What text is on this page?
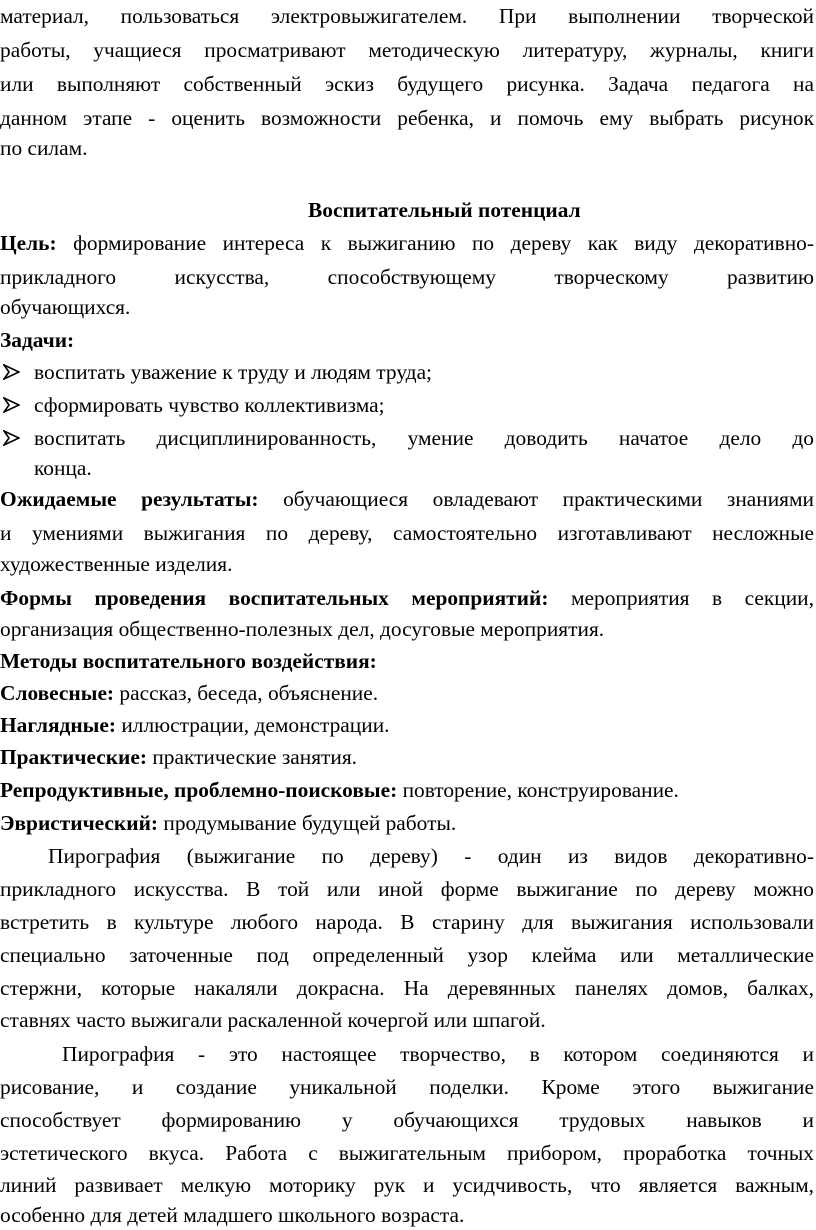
материал, пользоваться электровыжигателем. При выполнении творческой
работы, учащиеся просматривают методическую литературу, журналы, книги
или выполняют собственный эскиз будущего рисунка. Задача педагога на
данном этапе - оценить возможности ребенка, и помочь ему выбрать рисунок
по силам.
Воспитательный потенциал
Цель: формирование интереса к выжиганию по дереву как виду декоративно-
прикладного искусства, способствующему творческому развитию
обучающихся.
Задачи:
воспитать уважение к труду и людям труда;
сформировать чувство коллективизма;
воспитать дисциплинированность, умение доводить начатое дело до
конца.
Ожидаемые результаты: обучающиеся овладевают практическими знаниями
и умениями выжигания по дереву, самостоятельно изготавливают несложные
художественные изделия.
Формы проведения воспитательных мероприятий: мероприятия в секции,
организация общественно-полезных дел, досуговые мероприятия.
Методы воспитательного воздействия:
Словесные: рассказ, беседа, объяснение.
Наглядные: иллюстрации, демонстрации.
Практические: практические занятия.
Репродуктивные, проблемно-поисковые: повторение, конструирование.
Эвристический: продумывание будущей работы.
Пирография (выжигание по дереву) - один из видов декоративно-
прикладного искусства. В той или иной форме выжигание по дереву можно
встретить в культуре любого народа. В старину для выжигания использовали
специально заточенные под определенный узор клейма или металлические
стержни, которые накаляли докрасна. На деревянных панелях домов, балках,
ставнях часто выжигали раскаленной кочергой или шпагой.
Пирография - это настоящее творчество, в котором соединяются и
рисование, и создание уникальной поделки. Кроме этого выжигание
способствует формированию у обучающихся трудовых навыков и
эстетического вкуса. Работа с выжигательным прибором, проработка точных
линий развивает мелкую моторику рук и усидчивость, что является важным,
особенно для детей младшего школьного возраста.
